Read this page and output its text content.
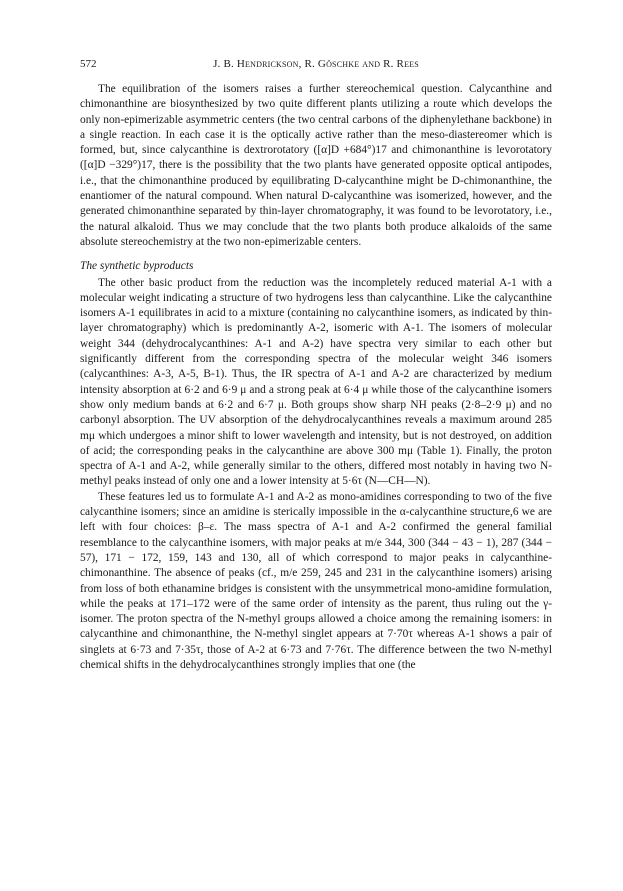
572	J. B. Hendrickson, R. Göschke and R. Rees

The equilibration of the isomers raises a further stereochemical question. Calycanthine and chimonanthine are biosynthesized by two quite different plants utilizing a route which develops the only non-epimerizable asymmetric centers (the two central carbons of the diphenylethane backbone) in a single reaction. In each case it is the optically active rather than the meso-diastereomer which is formed, but, since calycanthine is dextrorotatory ([α]D +684°)17 and chimonanthine is levorotatory ([α]D −329°)17, there is the possibility that the two plants have generated opposite optical antipodes, i.e., that the chimonanthine produced by equilibrating D-calycanthine might be D-chimonanthine, the enantiomer of the natural compound. When natural D-calycanthine was isomerized, however, and the generated chimonanthine separated by thin-layer chromatography, it was found to be levorotatory, i.e., the natural alkaloid. Thus we may conclude that the two plants both produce alkaloids of the same absolute stereochemistry at the two non-epimerizable centers.

The synthetic byproducts

The other basic product from the reduction was the incompletely reduced material A-1 with a molecular weight indicating a structure of two hydrogens less than calycanthine. Like the calycanthine isomers A-1 equilibrates in acid to a mixture (containing no calycanthine isomers, as indicated by thin-layer chromatography) which is predominantly A-2, isomeric with A-1. The isomers of molecular weight 344 (dehydrocalycanthines: A-1 and A-2) have spectra very similar to each other but significantly different from the corresponding spectra of the molecular weight 346 isomers (calycanthines: A-3, A-5, B-1). Thus, the IR spectra of A-1 and A-2 are characterized by medium intensity absorption at 6·2 and 6·9 μ and a strong peak at 6·4 μ while those of the calycanthine isomers show only medium bands at 6·2 and 6·7 μ. Both groups show sharp NH peaks (2·8–2·9 μ) and no carbonyl absorption. The UV absorption of the dehydrocalycanthines reveals a maximum around 285 mμ which undergoes a minor shift to lower wavelength and intensity, but is not destroyed, on addition of acid; the corresponding peaks in the calycanthine are above 300 mμ (Table 1). Finally, the proton spectra of A-1 and A-2, while generally similar to the others, differed most notably in having two N-methyl peaks instead of only one and a lower intensity at 5·6τ (N—CH—N).

These features led us to formulate A-1 and A-2 as mono-amidines corresponding to two of the five calycanthine isomers; since an amidine is sterically impossible in the α-calycanthine structure,6 we are left with four choices: β–ε. The mass spectra of A-1 and A-2 confirmed the general familial resemblance to the calycanthine isomers, with major peaks at m/e 344, 300 (344 − 43 − 1), 287 (344 − 57), 171 − 172, 159, 143 and 130, all of which correspond to major peaks in calycanthine-chimonanthine. The absence of peaks (cf., m/e 259, 245 and 231 in the calycanthine isomers) arising from loss of both ethanamine bridges is consistent with the unsymmetrical mono-amidine formulation, while the peaks at 171–172 were of the same order of intensity as the parent, thus ruling out the γ-isomer. The proton spectra of the N-methyl groups allowed a choice among the remaining isomers: in calycanthine and chimonanthine, the N-methyl singlet appears at 7·70τ whereas A-1 shows a pair of singlets at 6·73 and 7·35τ, those of A-2 at 6·73 and 7·76τ. The difference between the two N-methyl chemical shifts in the dehydrocalycanthines strongly implies that one (the
